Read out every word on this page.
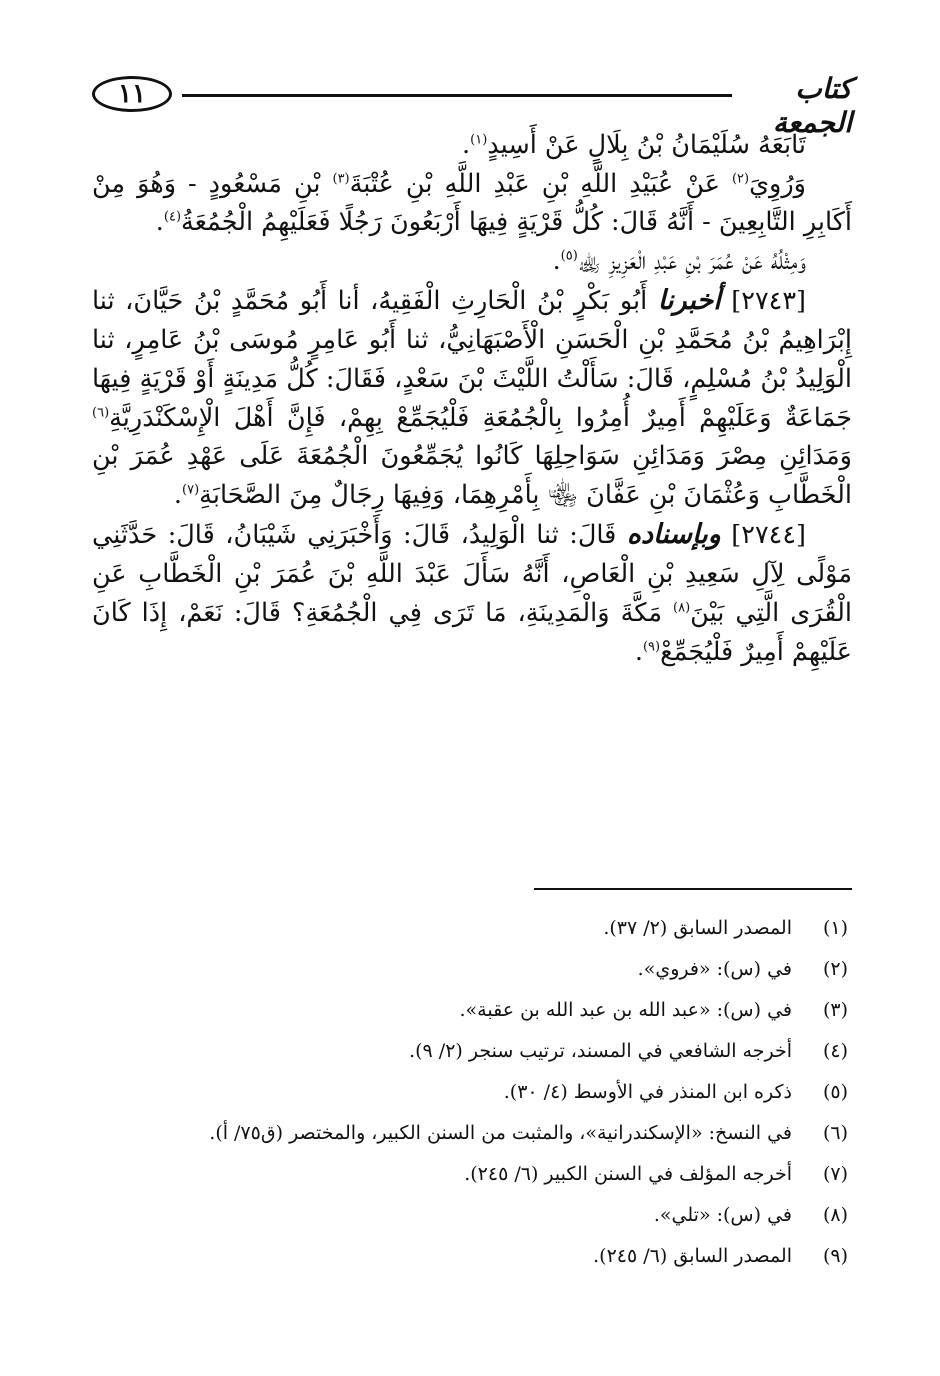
١١	كتاب الجمعة

تَابَعَهُ سُلَيْمَانُ بْنُ بِلَالٍ عَنْ أَسِيدٍ$^{(١)}$.

وَرُوِيَ$^{(٢)}$ عَنْ عُبَيْدِ اللَّهِ بْنِ عَبْدِ اللَّهِ بْنِ عُتْبَةَ$^{(٣)}$ بْنِ مَسْعُودٍ - وَهُوَ مِنْ أَكَابِرِ التَّابِعِينَ - أَنَّهُ قَالَ: كُلُّ قَرْيَةٍ فِيهَا أَرْبَعُونَ رَجُلًا فَعَلَيْهِمُ الْجُمُعَةُ$^{(٤)}$.

وَمِثْلُهُ عَنْ عُمَرَ بْنِ عَبْدِ الْعَزِيزِ ﵀$^{(٥)}$.

[٢٧٤٣] أخبرنا أَبُو بَكْرٍ بْنُ الْحَارِثِ الْفَقِيهُ، أنا أَبُو مُحَمَّدٍ بْنُ حَيَّانَ، ثنا إِبْرَاهِيمُ بْنُ مُحَمَّدِ بْنِ الْحَسَنِ الْأَصْبَهَانِيُّ، ثنا أَبُو عَامِرٍ مُوسَى بْنُ عَامِرٍ، ثنا الْوَلِيدُ بْنُ مُسْلِمٍ، قَالَ: سَأَلْتُ اللَّيْثَ بْنَ سَعْدٍ، فَقَالَ: كُلُّ مَدِينَةٍ أَوْ قَرْيَةٍ فِيهَا جَمَاعَةٌ وَعَلَيْهِمْ أَمِيرٌ أُمِرُوا بِالْجُمُعَةِ فَلْيُجَمِّعْ بِهِمْ، فَإِنَّ أَهْلَ الْإِسْكَنْدَرِيَّةِ$^{(٦)}$ وَمَدَائِنِ مِصْرَ وَمَدَائِنِ سَوَاحِلِهَا كَانُوا يُجَمِّعُونَ الْجُمُعَةَ عَلَى عَهْدِ عُمَرَ بْنِ الْخَطَّابِ وَعُثْمَانَ بْنِ عَفَّانَ ﵄ بِأَمْرِهِمَا، وَفِيهَا رِجَالٌ مِنَ الصَّحَابَةِ$^{(٧)}$.

[٢٧٤٤] وبإسناده قَالَ: ثنا الْوَلِيدُ، قَالَ: وَأَخْبَرَنِي شَيْبَانُ، قَالَ: حَدَّثَنِي مَوْلًى لِآلِ سَعِيدِ بْنِ الْعَاصِ، أَنَّهُ سَأَلَ عَبْدَ اللَّهِ بْنَ عُمَرَ بْنِ الْخَطَّابِ عَنِ الْقُرَى الَّتِي بَيْنَ$^{(٨)}$ مَكَّةَ وَالْمَدِينَةِ، مَا تَرَى فِي الْجُمُعَةِ؟ قَالَ: نَعَمْ، إِذَا كَانَ عَلَيْهِمْ أَمِيرٌ فَلْيُجَمِّعْ$^{(٩)}$.

(١)
المصدر السابق (٢/ ٣٧).
(٢)
في (س): «فروي».
(٣)
في (س): «عبد الله بن عبد الله بن عقبة».
(٤)
أخرجه الشافعي في المسند، ترتيب سنجر (٢/ ٩).
(٥)
ذكره ابن المنذر في الأوسط (٤/ ٣٠).
(٦)
في النسخ: «الإسكندرانية»، والمثبت من السنن الكبير، والمختصر (ق٧٥/ أ).
(٧)
أخرجه المؤلف في السنن الكبير (٦/ ٢٤٥).
(٨)
في (س): «تلي».
(٩)
المصدر السابق (٦/ ٢٤٥).
